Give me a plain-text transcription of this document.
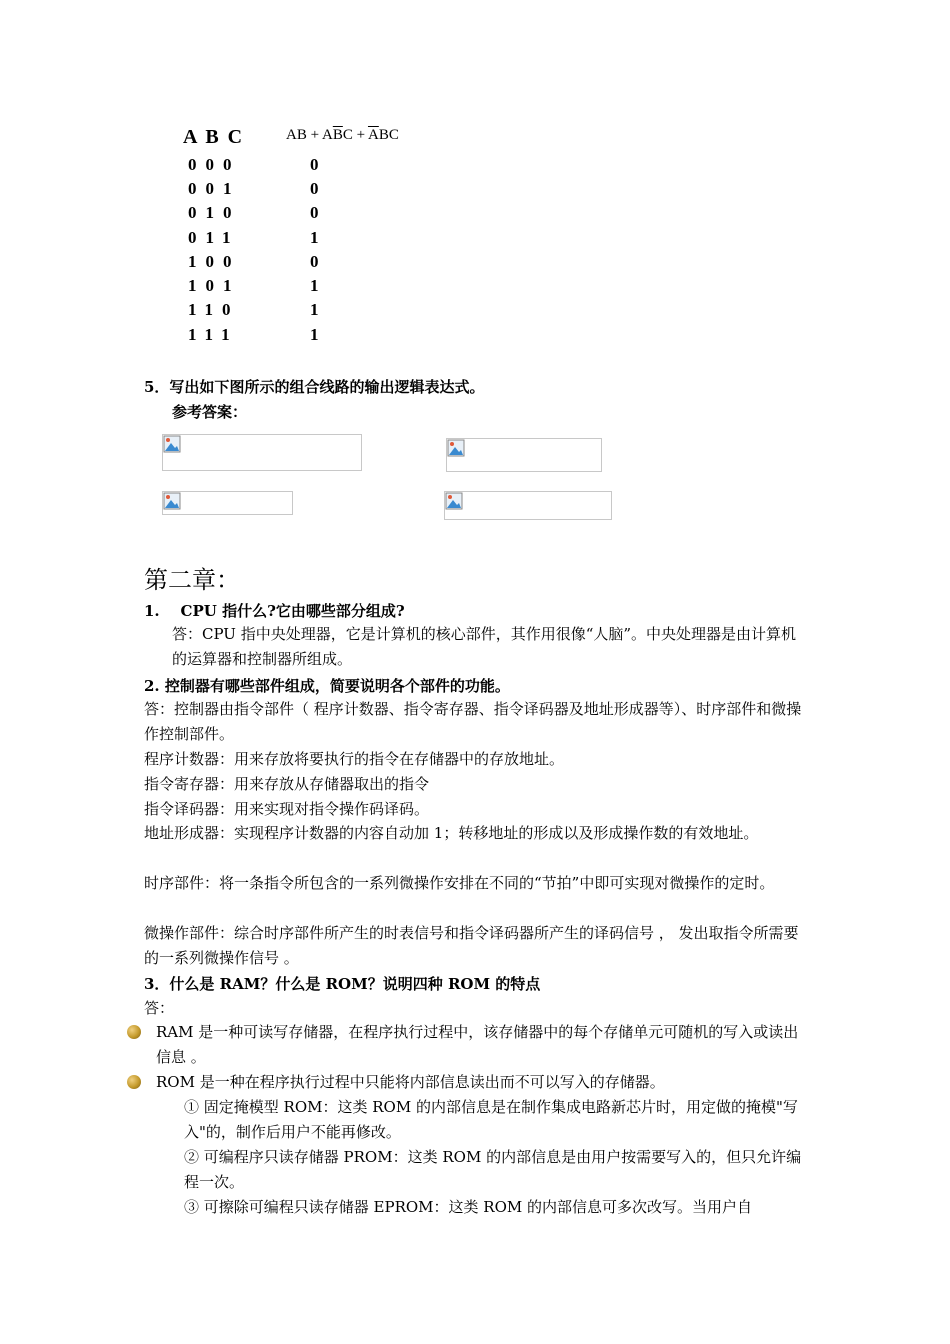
A B C	AB + $A\overline{B}C + \overline{A}BC$
000	0
001	0
010	0
011	1
100	0
101	1
110	1
111	1
5．写出如下图所示的组合线路的输出逻辑表达式。
参考答案：
第二章：
1.    CPU 指什么?它由哪些部分组成?
答：CPU 指中央处理器，它是计算机的核心部件，其作用很像“人脑”。中央处理器是由计算机的运算器和控制器所组成。
2. 控制器有哪些部件组成，简要说明各个部件的功能。
答：控制器由指令部件（ 程序计数器、指令寄存器、指令译码器及地址形成器等）、时序部件和微操作控制部件。
程序计数器：用来存放将要执行的指令在存储器中的存放地址。
指令寄存器：用来存放从存储器取出的指令
指令译码器：用来实现对指令操作码译码。
地址形成器：实现程序计数器的内容自动加 1；转移地址的形成以及形成操作数的有效地址。
时序部件：将一条指令所包含的一系列微操作安排在不同的“节拍”中即可实现对微操作的定时。
微操作部件：综合时序部件所产生的时表信号和指令译码器所产生的译码信号 ， 发出取指令所需要的一系列微操作信号 。
3．什么是 RAM？什么是 ROM？说明四种 ROM 的特点
答：
RAM 是一种可读写存储器，在程序执行过程中，该存储器中的每个存储单元可随机的写入或读出信息 。
ROM 是一种在程序执行过程中只能将内部信息读出而不可以写入的存储器。
① 固定掩模型 ROM：这类 ROM 的内部信息是在制作集成电路新芯片时，用定做的掩模"写入"的，制作后用户不能再修改。
② 可编程序只读存储器 PROM：这类 ROM 的内部信息是由用户按需要写入的，但只允许编程一次。
③ 可擦除可编程只读存储器 EPROM：这类 ROM 的内部信息可多次改写。当用户自
